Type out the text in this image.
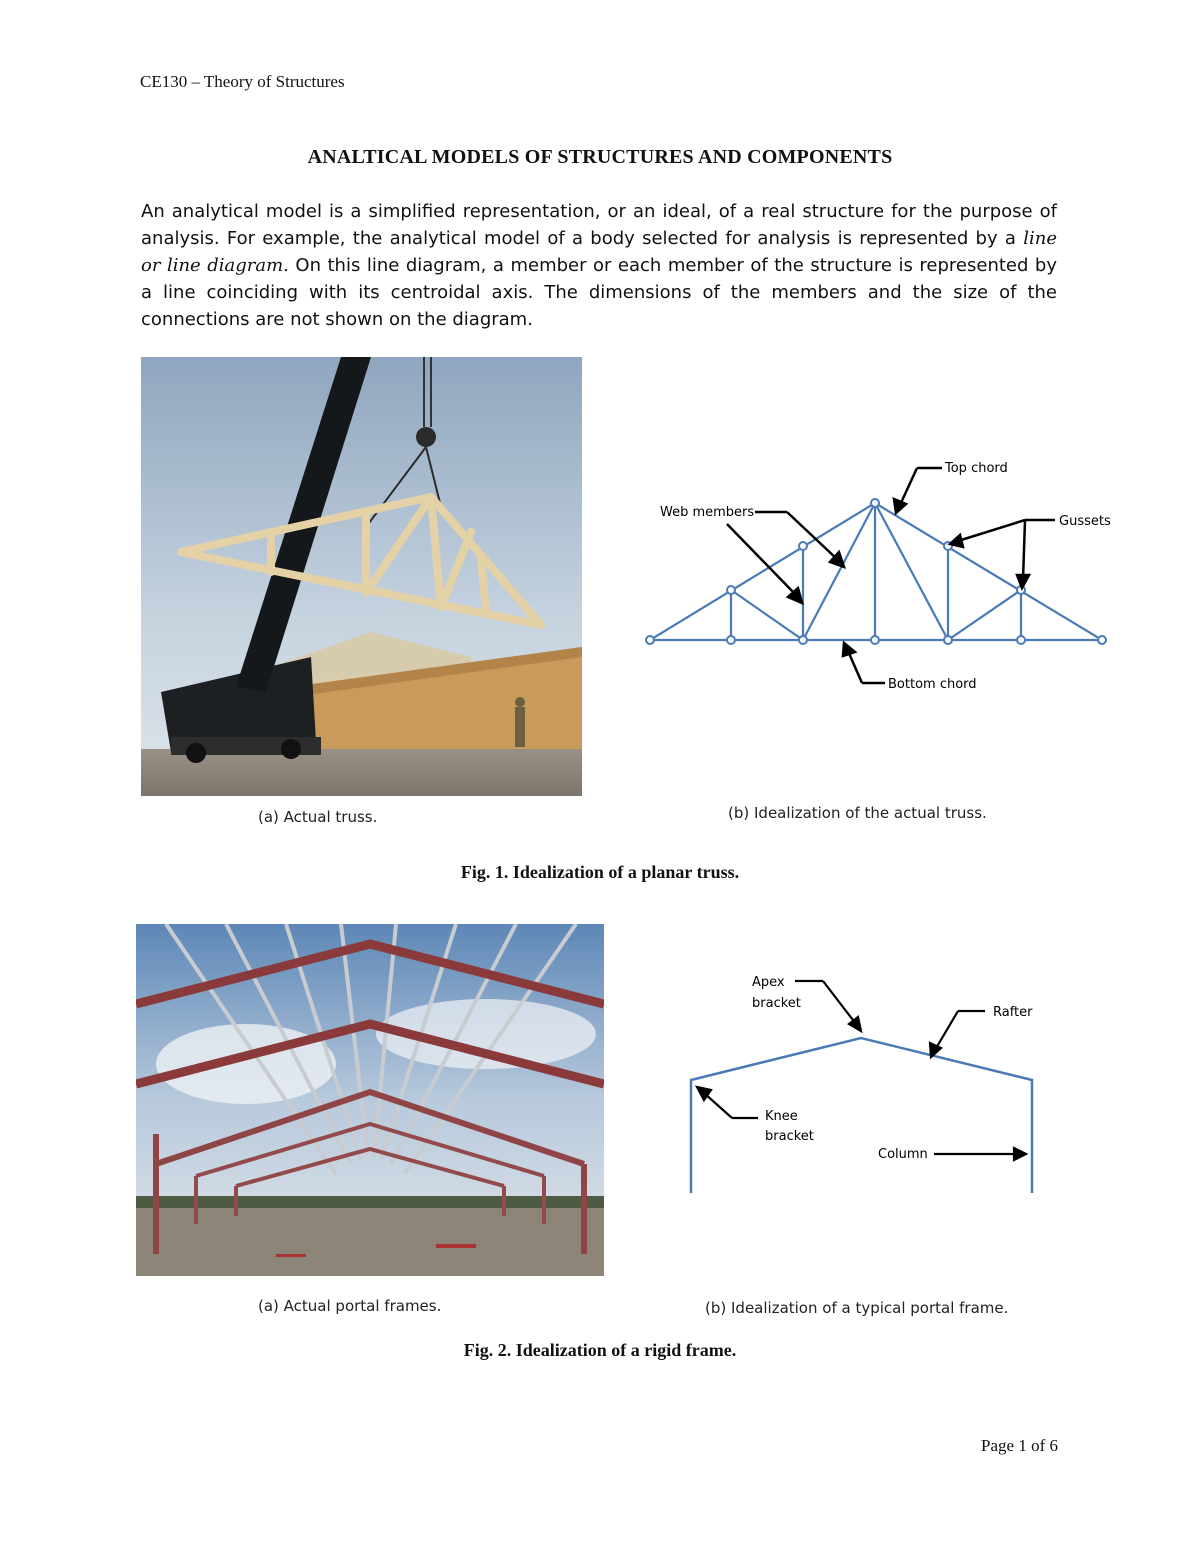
CE130 – Theory of Structures
ANALTICAL MODELS OF STRUCTURES AND COMPONENTS
An analytical model is a simplified representation, or an ideal, of a real structure for the purpose of analysis. For example, the analytical model of a body selected for analysis is represented by a line or line diagram. On this line diagram, a member or each member of the structure is represented by a line coinciding with its centroidal axis. The dimensions of the members and the size of the connections are not shown on the diagram.
Top chord
Web members
Gussets
Bottom chord
(a) Actual truss.	(b) Idealization of the actual truss.
Fig. 1. Idealization of a planar truss.
Apex
bracket
Rafter
Knee
bracket
Column
(a) Actual portal frames.	(b) Idealization of a typical portal frame.
Fig. 2. Idealization of a rigid frame.
Page 1 of 6
